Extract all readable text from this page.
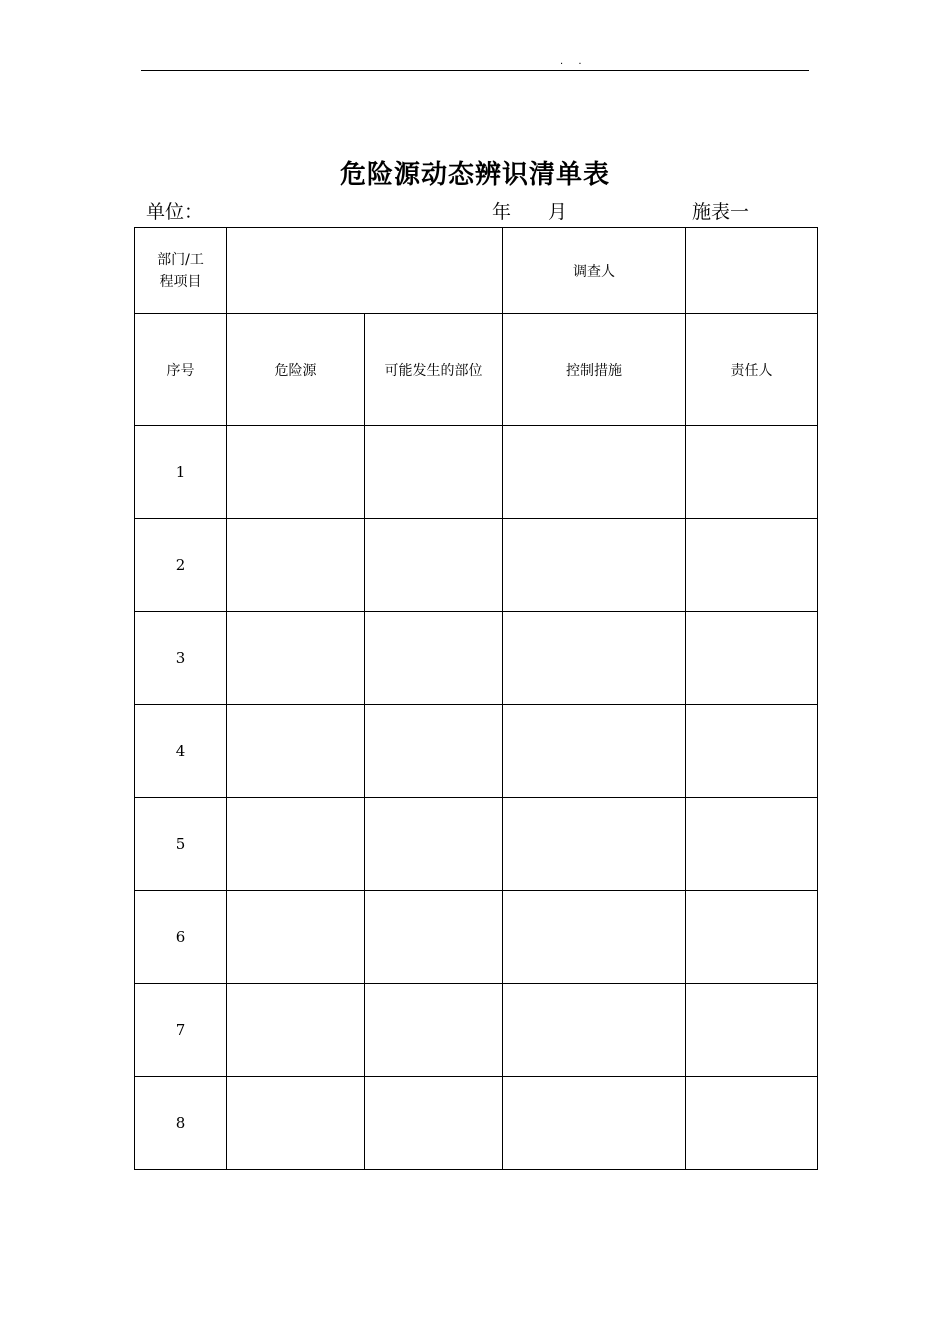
. .
危险源动态辨识清单表
单位：	年 月	施表一
部门/工
程项目			调查人	
序号	危险源	可能发生的部位	控制措施	责任人
1				
2				
3				
4				
5				
6				
7				
8				
